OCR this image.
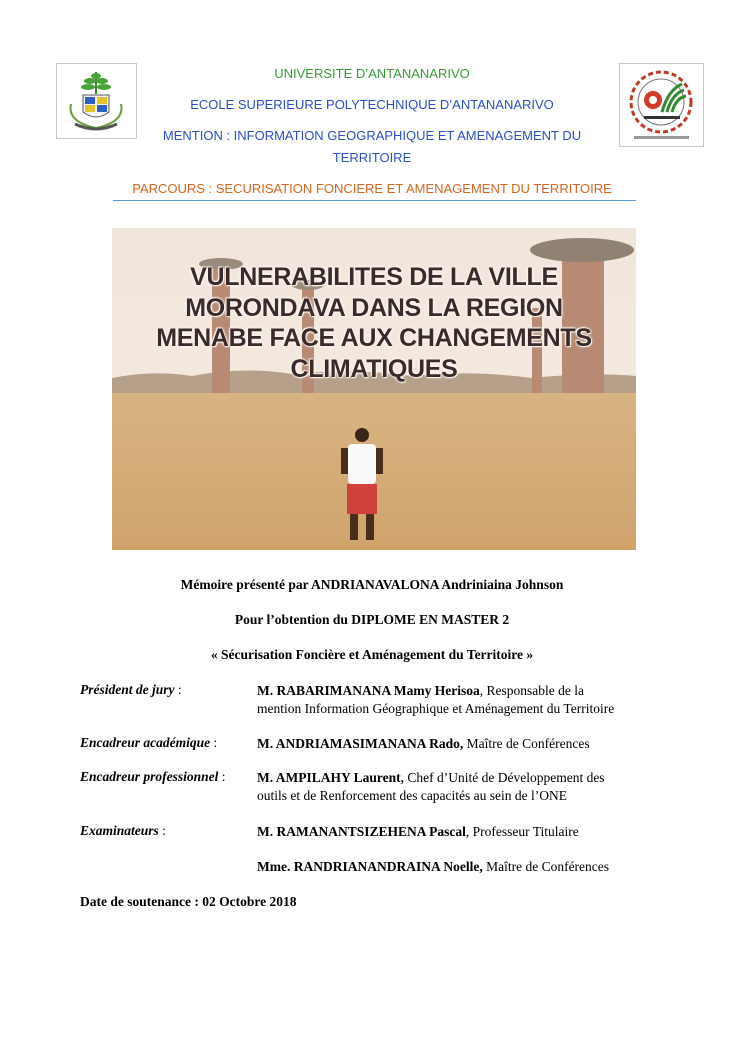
UNIVERSITE D’ANTANANARIVO
ECOLE SUPERIEURE POLYTECHNIQUE D’ANTANANARIVO
MENTION : INFORMATION GEOGRAPHIQUE ET AMENAGEMENT DU
TERRITOIRE
PARCOURS : SECURISATION FONCIERE ET AMENAGEMENT DU TERRITOIRE
VULNERABILITES DE LA VILLE
MORONDAVA DANS LA REGION
MENABE FACE AUX CHANGEMENTS
CLIMATIQUES
Mémoire présenté par ANDRIANAVALONA Andriniaina Johnson
Pour l’obtention du DIPLOME EN MASTER 2
« Sécurisation Foncière et Aménagement du Territoire »
Président de jury :	M. RABARIMANANA Mamy Herisoa, Responsable de la
mention Information Géographique et Aménagement du Territoire
Encadreur académique :	M. ANDRIAMASIMANANA Rado, Maître de Conférences
Encadreur professionnel :	M. AMPILAHY Laurent, Chef d’Unité de Développement des
outils et de Renforcement des capacités au sein de l’ONE
Examinateurs :	M. RAMANANTSIZEHENA Pascal, Professeur Titulaire
Mme. RANDRIANANDRAINA Noelle, Maître de Conférences
Date de soutenance : 02 Octobre 2018
